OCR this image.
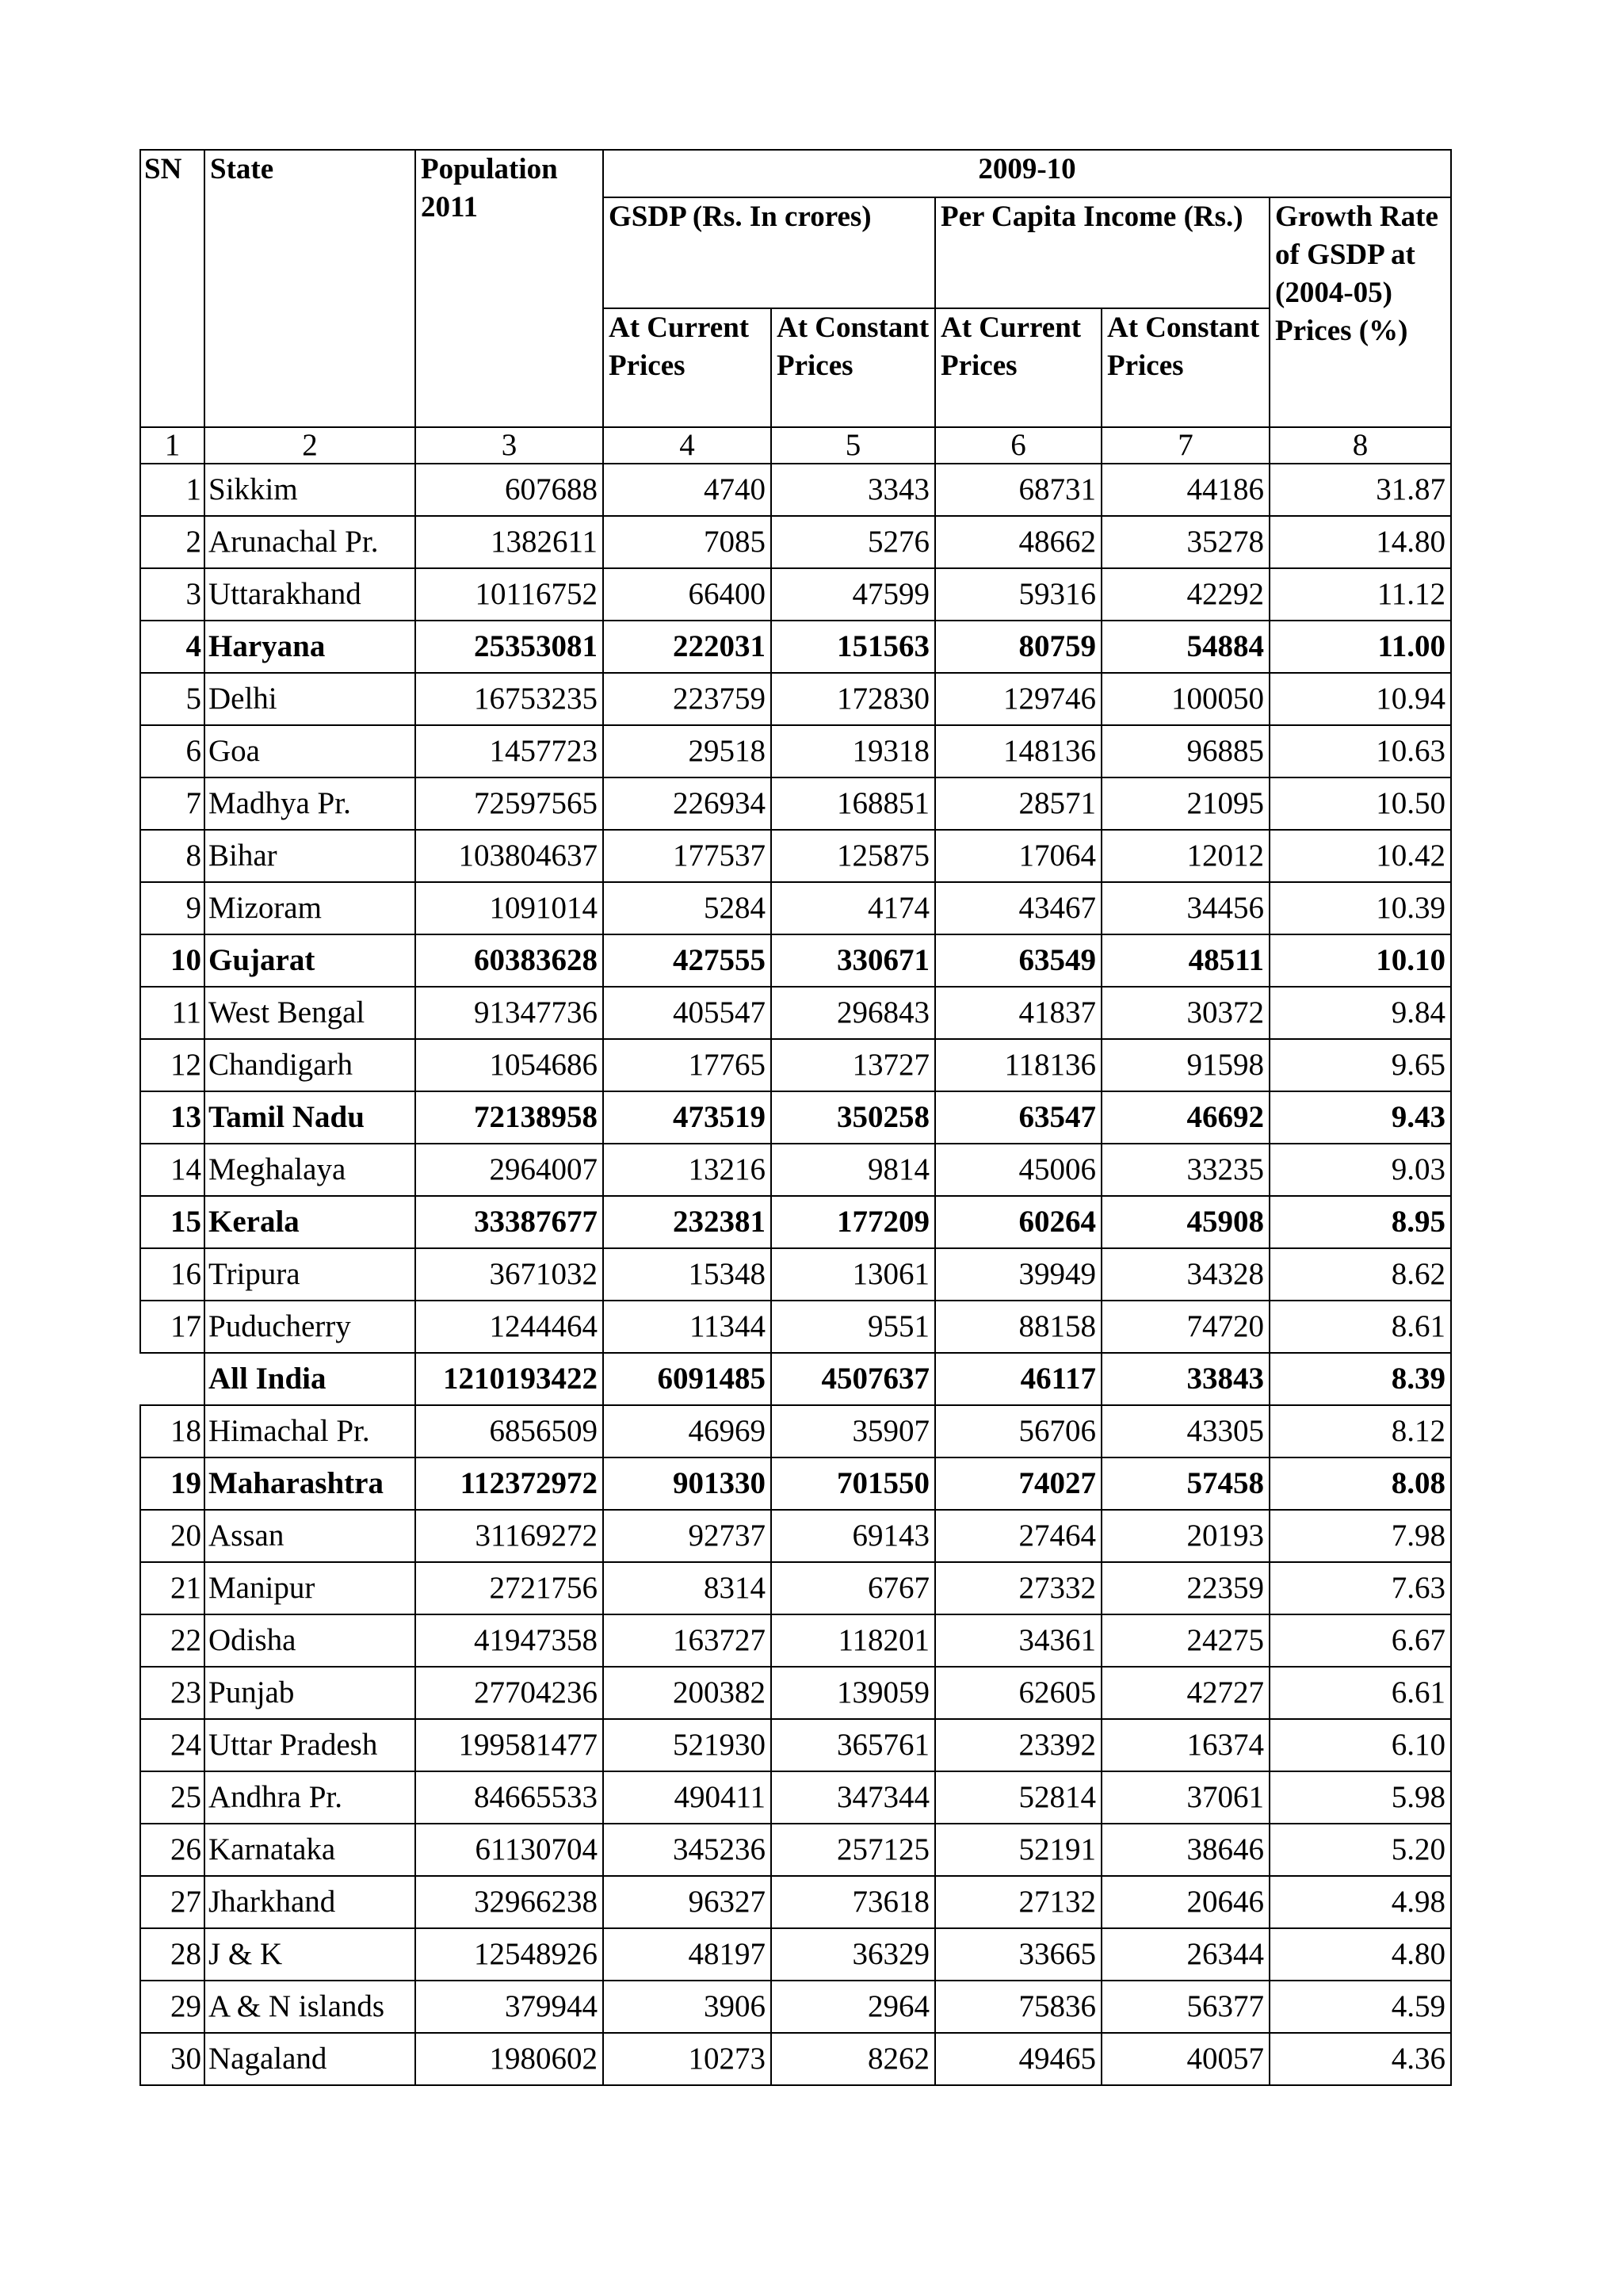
SN	State	Population 2011	2009-10				
			GSDP (Rs. In crores)		Per Capita Income (Rs.)		Growth Rate of GSDP at (2004-05) Prices (%)

			At Current Prices	At Constant Prices	At Current Prices	At Constant Prices	

1	2	3	4	5	6	7	8
1	Sikkim	607688	4740	3343	68731	44186	31.87
2	Arunachal Pr.	1382611	7085	5276	48662	35278	14.80
3	Uttarakhand	10116752	66400	47599	59316	42292	11.12
4	Haryana	25353081	222031	151563	80759	54884	11.00
5	Delhi	16753235	223759	172830	129746	100050	10.94
6	Goa	1457723	29518	19318	148136	96885	10.63
7	Madhya Pr.	72597565	226934	168851	28571	21095	10.50
8	Bihar	103804637	177537	125875	17064	12012	10.42
9	Mizoram	1091014	5284	4174	43467	34456	10.39
10	Gujarat	60383628	427555	330671	63549	48511	10.10
11	West Bengal	91347736	405547	296843	41837	30372	9.84
12	Chandigarh	1054686	17765	13727	118136	91598	9.65
13	Tamil Nadu	72138958	473519	350258	63547	46692	9.43
14	Meghalaya	2964007	13216	9814	45006	33235	9.03
15	Kerala	33387677	232381	177209	60264	45908	8.95
16	Tripura	3671032	15348	13061	39949	34328	8.62
17	Puducherry	1244464	11344	9551	88158	74720	8.61
	All India	1210193422	6091485	4507637	46117	33843	8.39
18	Himachal Pr.	6856509	46969	35907	56706	43305	8.12
19	Maharashtra	112372972	901330	701550	74027	57458	8.08
20	Assan	31169272	92737	69143	27464	20193	7.98
21	Manipur	2721756	8314	6767	27332	22359	7.63
22	Odisha	41947358	163727	118201	34361	24275	6.67
23	Punjab	27704236	200382	139059	62605	42727	6.61
24	Uttar Pradesh	199581477	521930	365761	23392	16374	6.10
25	Andhra Pr.	84665533	490411	347344	52814	37061	5.98
26	Karnataka	61130704	345236	257125	52191	38646	5.20
27	Jharkhand	32966238	96327	73618	27132	20646	4.98
28	J & K	12548926	48197	36329	33665	26344	4.80
29	A & N islands	379944	3906	2964	75836	56377	4.59
30	Nagaland	1980602	10273	8262	49465	40057	4.36
